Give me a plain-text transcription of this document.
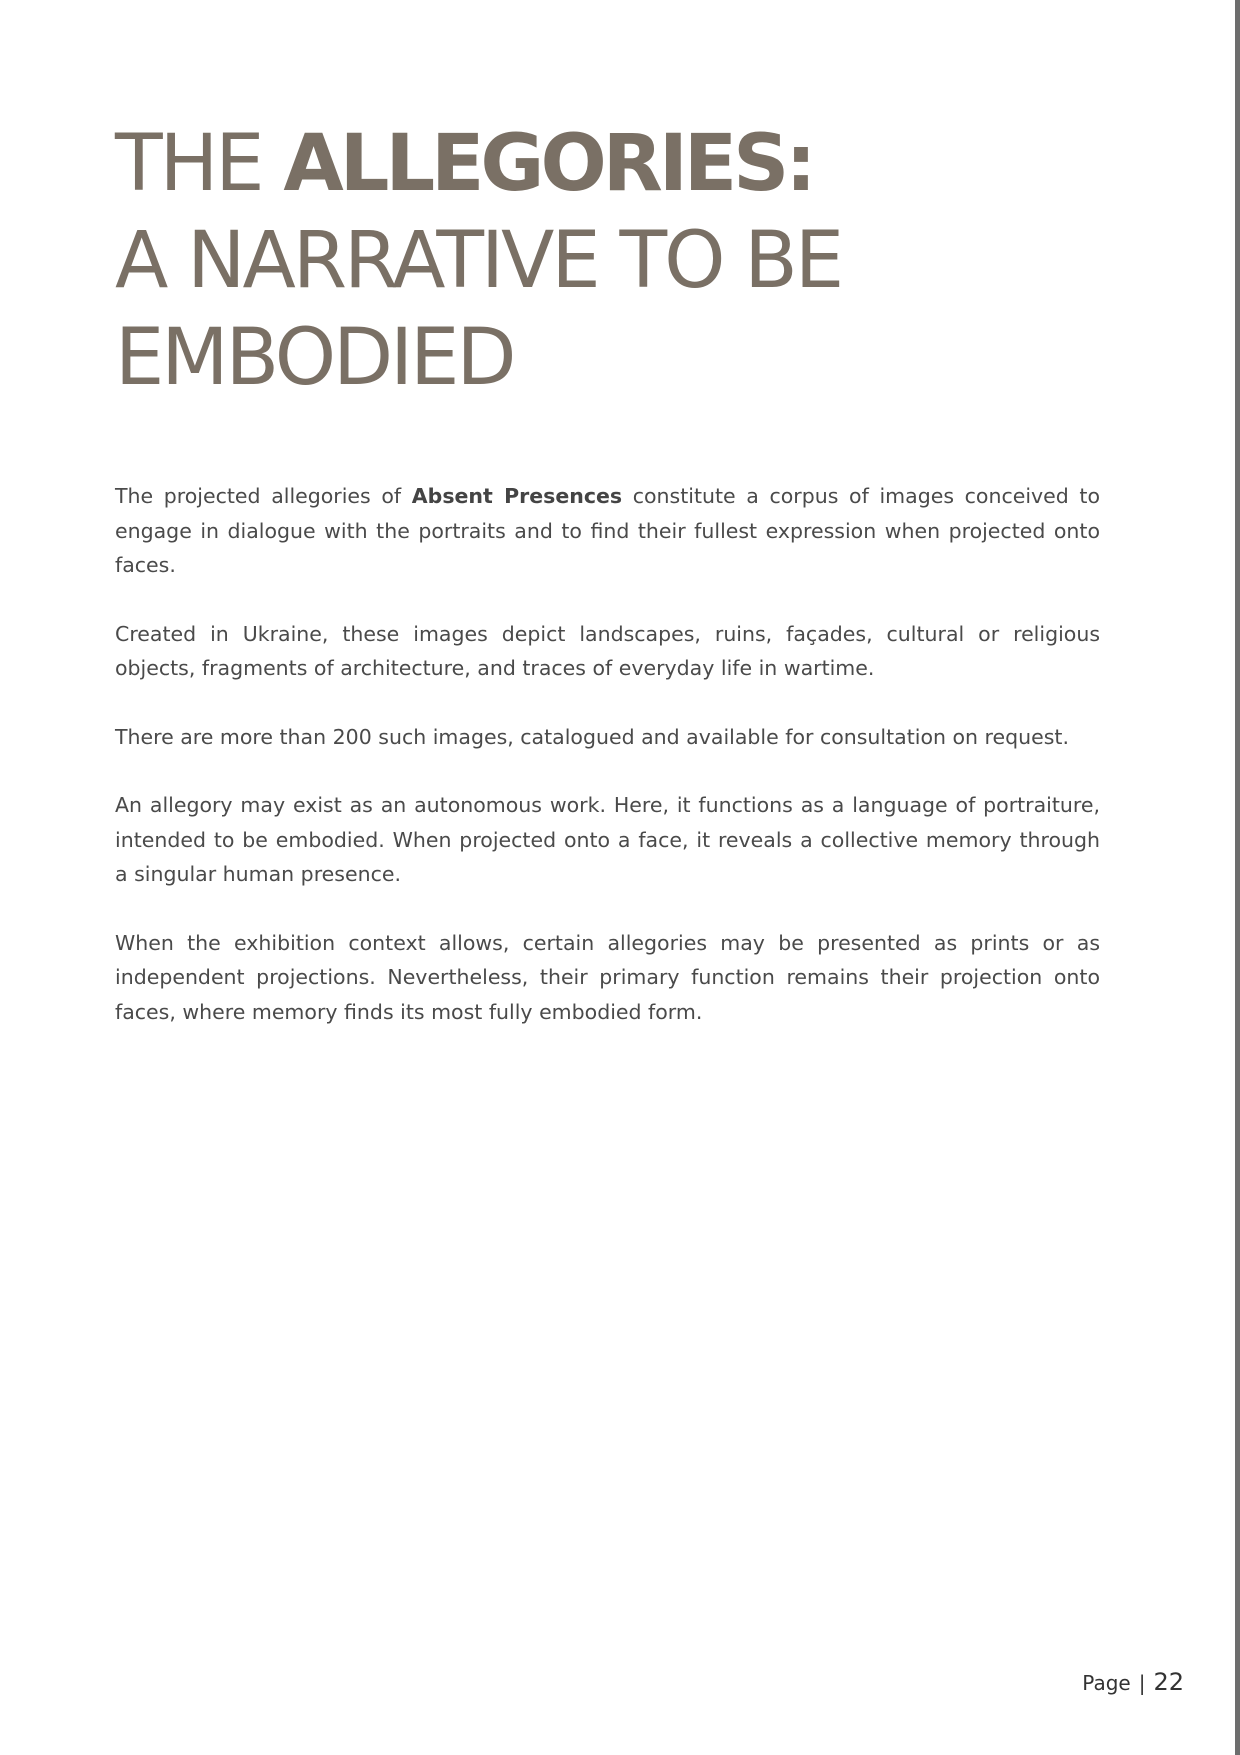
THE ALLEGORIES:
A NARRATIVE TO BE
EMBODIED

The projected allegories of Absent Presences constitute a corpus of images conceived to engage in dialogue with the portraits and to find their fullest expression when projected onto faces.

Created in Ukraine, these images depict landscapes, ruins, façades, cultural or religious objects, fragments of architecture, and traces of everyday life in wartime.

There are more than 200 such images, catalogued and available for consultation on request.

An allegory may exist as an autonomous work. Here, it functions as a language of portraiture, intended to be embodied. When projected onto a face, it reveals a collective memory through a singular human presence.

When the exhibition context allows, certain allegories may be presented as prints or as independent projections. Nevertheless, their primary function remains their projection onto faces, where memory finds its most fully embodied form.

Page | 22
